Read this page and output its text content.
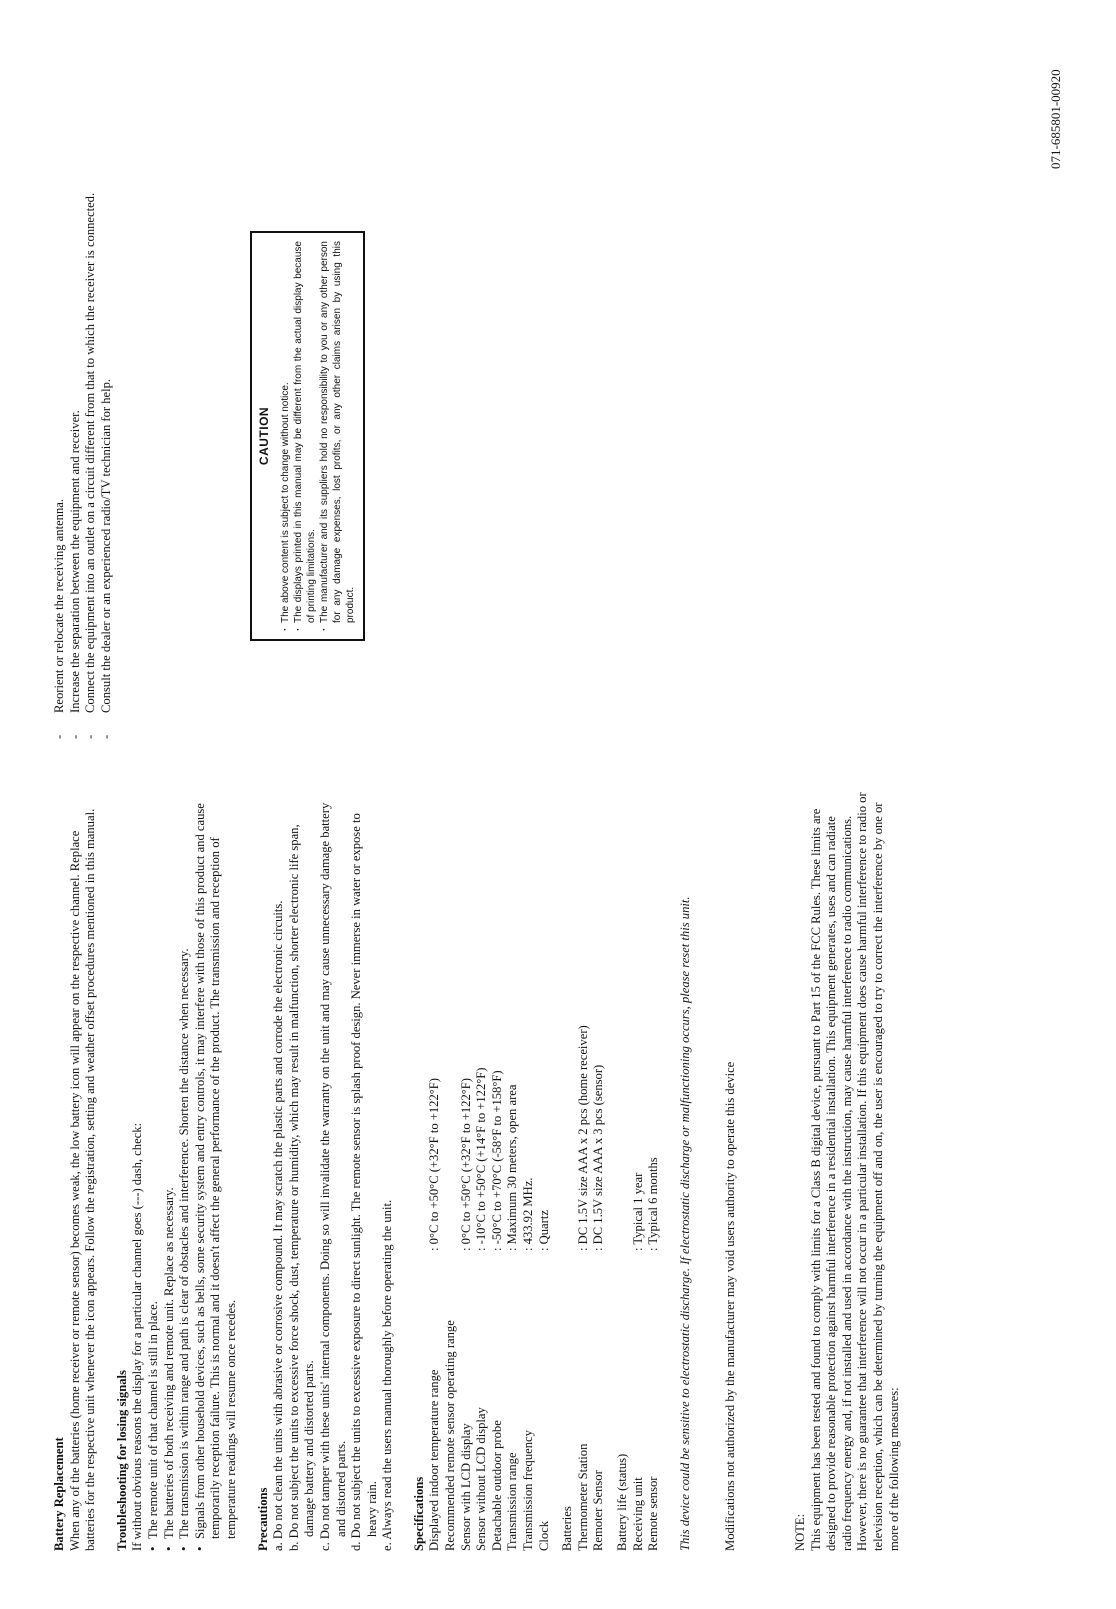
Battery Replacement When any of the batteries (home receiver or remote sensor) becomes weak, the low battery icon will appear on the respective channel. Replace batteries for the respective unit whenever the icon appears. Follow the registration, setting and weather offset procedures mentioned in this manual. Troubleshooting for losing signals If without obvious reasons the display for a particular channel goes (---) dash, check: • The remote unit of that channel is still in place. • The batteries of both receiving and remote unit. Replace as necessary. • The transmission is within range and path is clear of obstacles and interference. Shorten the distance when necessary. • Signals from other household devices, such as bells, some security system and entry controls, it may interfere with those of this product and cause temporarily reception failure. This is normal and it doesn't affect the general performance of the product. The transmission and reception of temperature readings will resume once recedes. Precautions a. Do not clean the units with abrasive or corrosive compound. It may scratch the plastic parts and corrode the electronic circuits. b. Do not subject the units to excessive force shock, dust, temperature or humidity, which may result in malfunction, shorter electronic life span, damage battery and distorted parts. c. Do not tamper with these units' internal components. Doing so will invalidate the warranty on the unit and may cause unnecessary damage battery and distorted parts. d. Do not subject the units to excessive exposure to direct sunlight. The remote sensor is splash proof design. Never immerse in water or expose to heavy rain. e. Always read the users manual thoroughly before operating the unit. Specifications Displayed indoor temperature range
: 0°C to +50°C (+32°F to +122°F)
Recommended remote sensor operating range Sensor with LCD display
: 0°C to +50°C (+32°F to +122°F)
Sensor without LCD display
: -10°C to +50°C (+14°F to +122°F)
Detachable outdoor probe
: -50°C to +70°C (-58°F to +158°F)
Transmission range
: Maximum 30 meters, open area
Transmission frequency
: 433.92 MHz.
Clock
: Quartz
Batteries Thermometer Station
: DC 1.5V size AAA x 2 pcs (home receiver)
Remoter Sensor
: DC 1.5V size AAA x 3 pcs (sensor)
Battery life (status) Receiving unit
: Typical 1 year
Remote sensor
: Typical 6 months This device could be sensitive to electrostatic discharge. If electrostatic discharge or malfunctioning occurs, please reset this unit.	Modifications not authorized by the manufacturer may void users authority to operate this device	NOTE: This equipment has been tested and found to comply with limits for a Class B digital device, pursuant to Part 15 of the FCC Rules. These limits are designed to provide reasonable protection against harmful interference in a residential installation. This equipment generates, uses and can radiate radio frequency energy and, if not installed and used in accordance with the instruction, may cause harmful interference to radio communications. However, there is no guarantee that interference will not occur in a particular installation. If this equipment does cause harmful interference to radio or television reception, which can be determined by turning the equipment off and on, the user is encouraged to try to correct the interference by one or more of the following measures:

- Reorient or relocate the receiving antenna. - Increase the separation between the equipment and receiver. - Connect the equipment into an outlet on a circuit different from that to which the receiver is connected. - Consult the dealer or an experienced radio/TV technician for help.	CAUTION · The above content is subject to change without notice. · The displays printed in this manual may be different from the actual display because of printing limitations. · The manufacturer and its suppliers hold no responsibility to you or any other person for any damage expenses, lost profits, or any other claims arisen by using this product.
071-685801-00920
